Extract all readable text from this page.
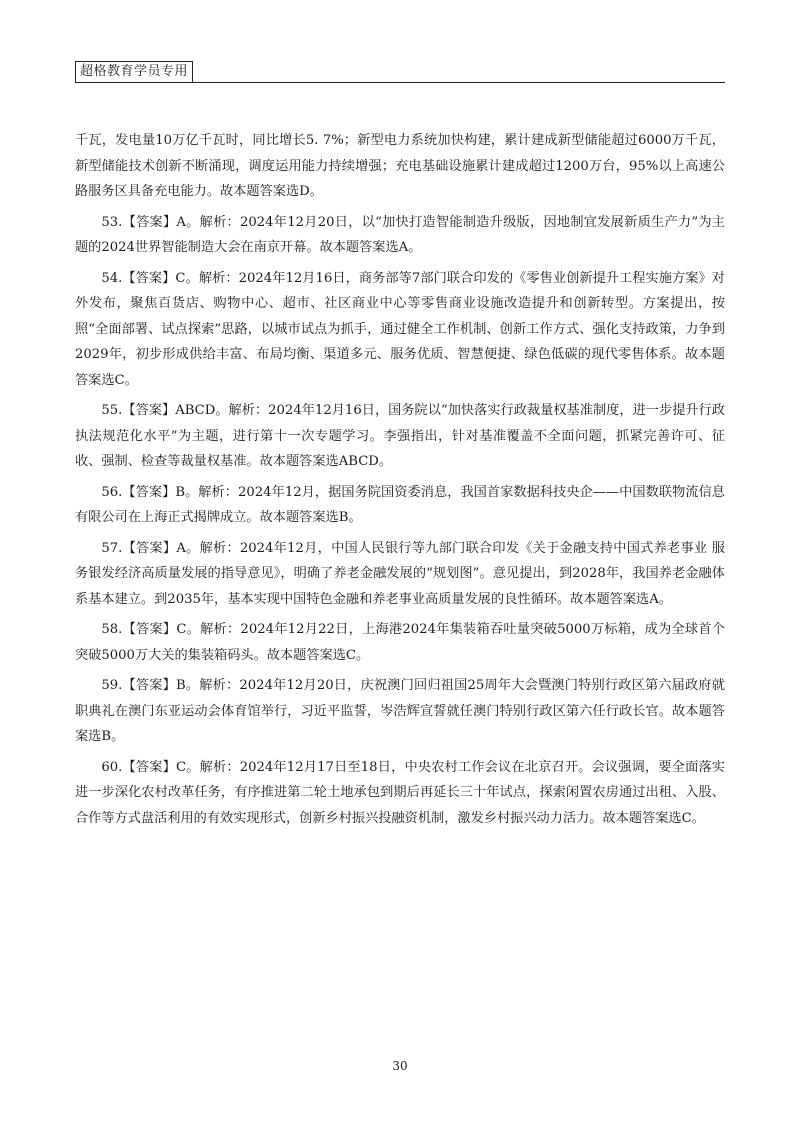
超格教育学员专用

千瓦，发电量10万亿千瓦时，同比增长5. 7%；新型电力系统加快构建，累计建成新型储能超过6000万千瓦，新型储能技术创新不断涌现，调度运用能力持续增强；充电基础设施累计建成超过1200万台，95%以上高速公路服务区具备充电能力。故本题答案选D。

53.【答案】A。解析：2024年12月20日，以“加快打造智能制造升级版，因地制宜发展新质生产力”为主题的2024世界智能制造大会在南京开幕。故本题答案选A。

54.【答案】C。解析：2024年12月16日，商务部等7部门联合印发的《零售业创新提升工程实施方案》对外发布，聚焦百货店、购物中心、超市、社区商业中心等零售商业设施改造提升和创新转型。方案提出，按照“全面部署、试点探索”思路，以城市试点为抓手，通过健全工作机制、创新工作方式、强化支持政策，力争到2029年，初步形成供给丰富、布局均衡、渠道多元、服务优质、智慧便捷、绿色低碳的现代零售体系。故本题答案选C。

55.【答案】ABCD。解析：2024年12月16日，国务院以“加快落实行政裁量权基准制度，进一步提升行政执法规范化水平”为主题，进行第十一次专题学习。李强指出，针对基准覆盖不全面问题，抓紧完善许可、征收、强制、检查等裁量权基准。故本题答案选ABCD。

56.【答案】B。解析：2024年12月，据国务院国资委消息，我国首家数据科技央企——中国数联物流信息有限公司在上海正式揭牌成立。故本题答案选B。

57.【答案】A。解析：2024年12月，中国人民银行等九部门联合印发《关于金融支持中国式养老事业 服务银发经济高质量发展的指导意见》，明确了养老金融发展的“规划图”。意见提出，到2028年，我国养老金融体系基本建立。到2035年，基本实现中国特色金融和养老事业高质量发展的良性循环。故本题答案选A。

58.【答案】C。解析：2024年12月22日，上海港2024年集装箱吞吐量突破5000万标箱，成为全球首个突破5000万大关的集装箱码头。故本题答案选C。

59.【答案】B。解析：2024年12月20日，庆祝澳门回归祖国25周年大会暨澳门特别行政区第六届政府就职典礼在澳门东亚运动会体育馆举行，习近平监誓，岑浩辉宣誓就任澳门特别行政区第六任行政长官。故本题答案选B。

60.【答案】C。解析：2024年12月17日至18日，中央农村工作会议在北京召开。会议强调，要全面落实进一步深化农村改革任务，有序推进第二轮土地承包到期后再延长三十年试点，探索闲置农房通过出租、入股、合作等方式盘活利用的有效实现形式，创新乡村振兴投融资机制，激发乡村振兴动力活力。故本题答案选C。

30
